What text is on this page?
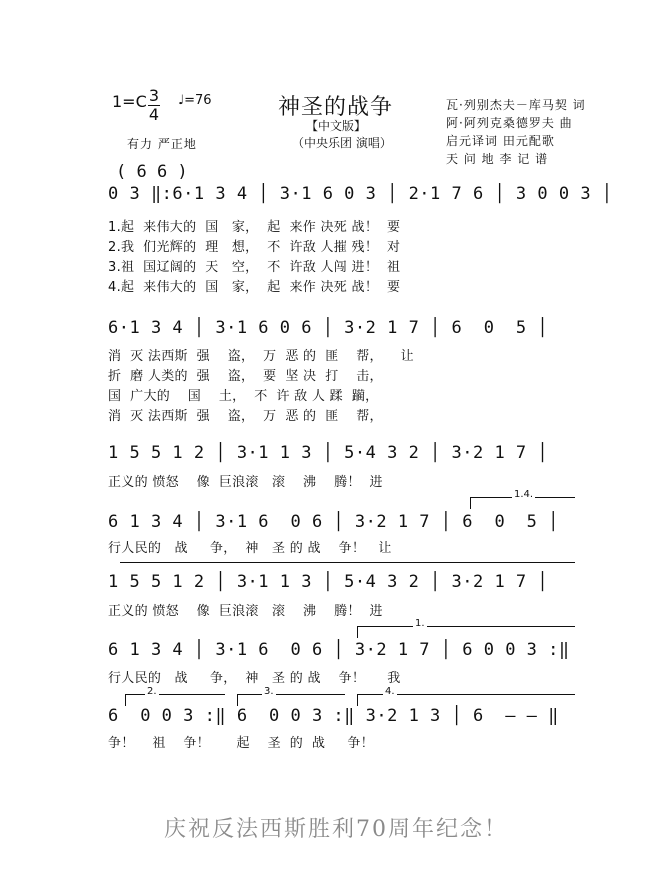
1=C 3
4
♩=76	神圣的战争
【中文版】
（中央乐团 演唱）
有力 严正地
瓦·列别杰夫－库马契 词
阿·阿列克桑德罗夫 曲
启元译词 田元配歌
天 问 地 李 记 谱
( 6 6 )
0 3 ‖:6·1 3 4 │ 3·1 6 0 3 │ 2·1 7 6 │ 3 0 0 3 │
1.起  来伟大的  国   家，  起  来作 决死 战！  要
2.我  们光辉的  理   想，  不  许敌 人摧 残！  对
3.祖  国辽阔的  天   空，  不  许敌 人闯 进！  祖
4.起  来伟大的  国   家，  起  来作 决死 战！  要
6·1 3 4 │ 3·1 6 0 6 │ 3·2 1 7 │ 6  0  5 │
消  灭 法西斯  强    盗，  万  恶 的  匪    帮，    让
折  磨 人类的  强    盗，  要  坚 决  打    击，
国  广大的    国    土，  不  许 敌 人 蹂  躏，
消  灭 法西斯  强    盗，  万  恶 的  匪    帮，
1 5 5 1 2 │ 3·1 1 3 │ 5·4 3 2 │ 3·2 1 7 │
正义的 愤怒    像  巨浪滚   滚    沸    腾！  进
1.4.
6 1 3 4 │ 3·1 6  0 6 │ 3·2 1 7 │ 6  0  5 │
行人民的   战     争，  神   圣 的 战    争！   让
1 5 5 1 2 │ 3·1 1 3 │ 5·4 3 2 │ 3·2 1 7 │
正义的 愤怒    像  巨浪滚   滚    沸    腾！  进
1.
6 1 3 4 │ 3·1 6  0 6 │ 3·2 1 7 │ 6 0 0 3 :‖
行人民的   战     争，  神   圣 的 战    争！     我
2.	3.	4.
6  0 0 3 :‖ 6  0 0 3 :‖ 3·2 1 3 │ 6  – – ‖
争！    祖    争！      起    圣  的  战     争！
庆祝反法西斯胜利70周年纪念！
